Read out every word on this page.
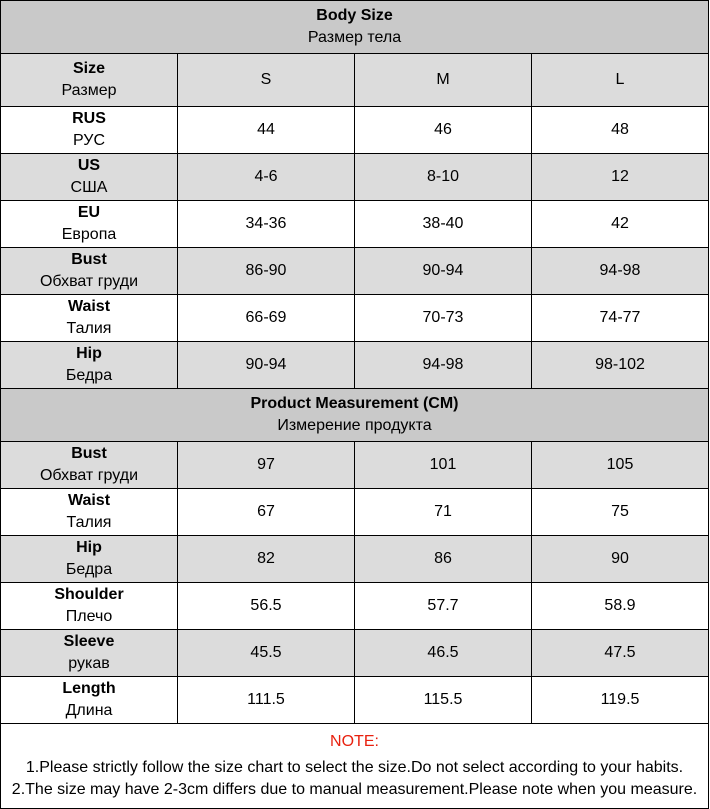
Body Size
Размер тела			

Size
Размер	S	M	L

RUS
РУС	44	46	48

US
США	4-6	8-10	12

EU
Европа	34-36	38-40	42

Bust
Обхват груди	86-90	90-94	94-98

Waist
Талия	66-69	70-73	74-77

Hip
Бедра	90-94	94-98	98-102

Product Measurement (CM)
Измерение продукта			

Bust
Обхват груди	97	101	105

Waist
Талия	67	71	75

Hip
Бедра	82	86	90

Shoulder
Плечо	56.5	57.7	58.9

Sleeve
рукав	45.5	46.5	47.5

Length
Длина	111.5	115.5	119.5

NOTE:
1.Please strictly follow the size chart to select the size.Do not select according to your habits.
2.The size may have 2-3cm differs due to manual measurement.Please note when you measure.			
